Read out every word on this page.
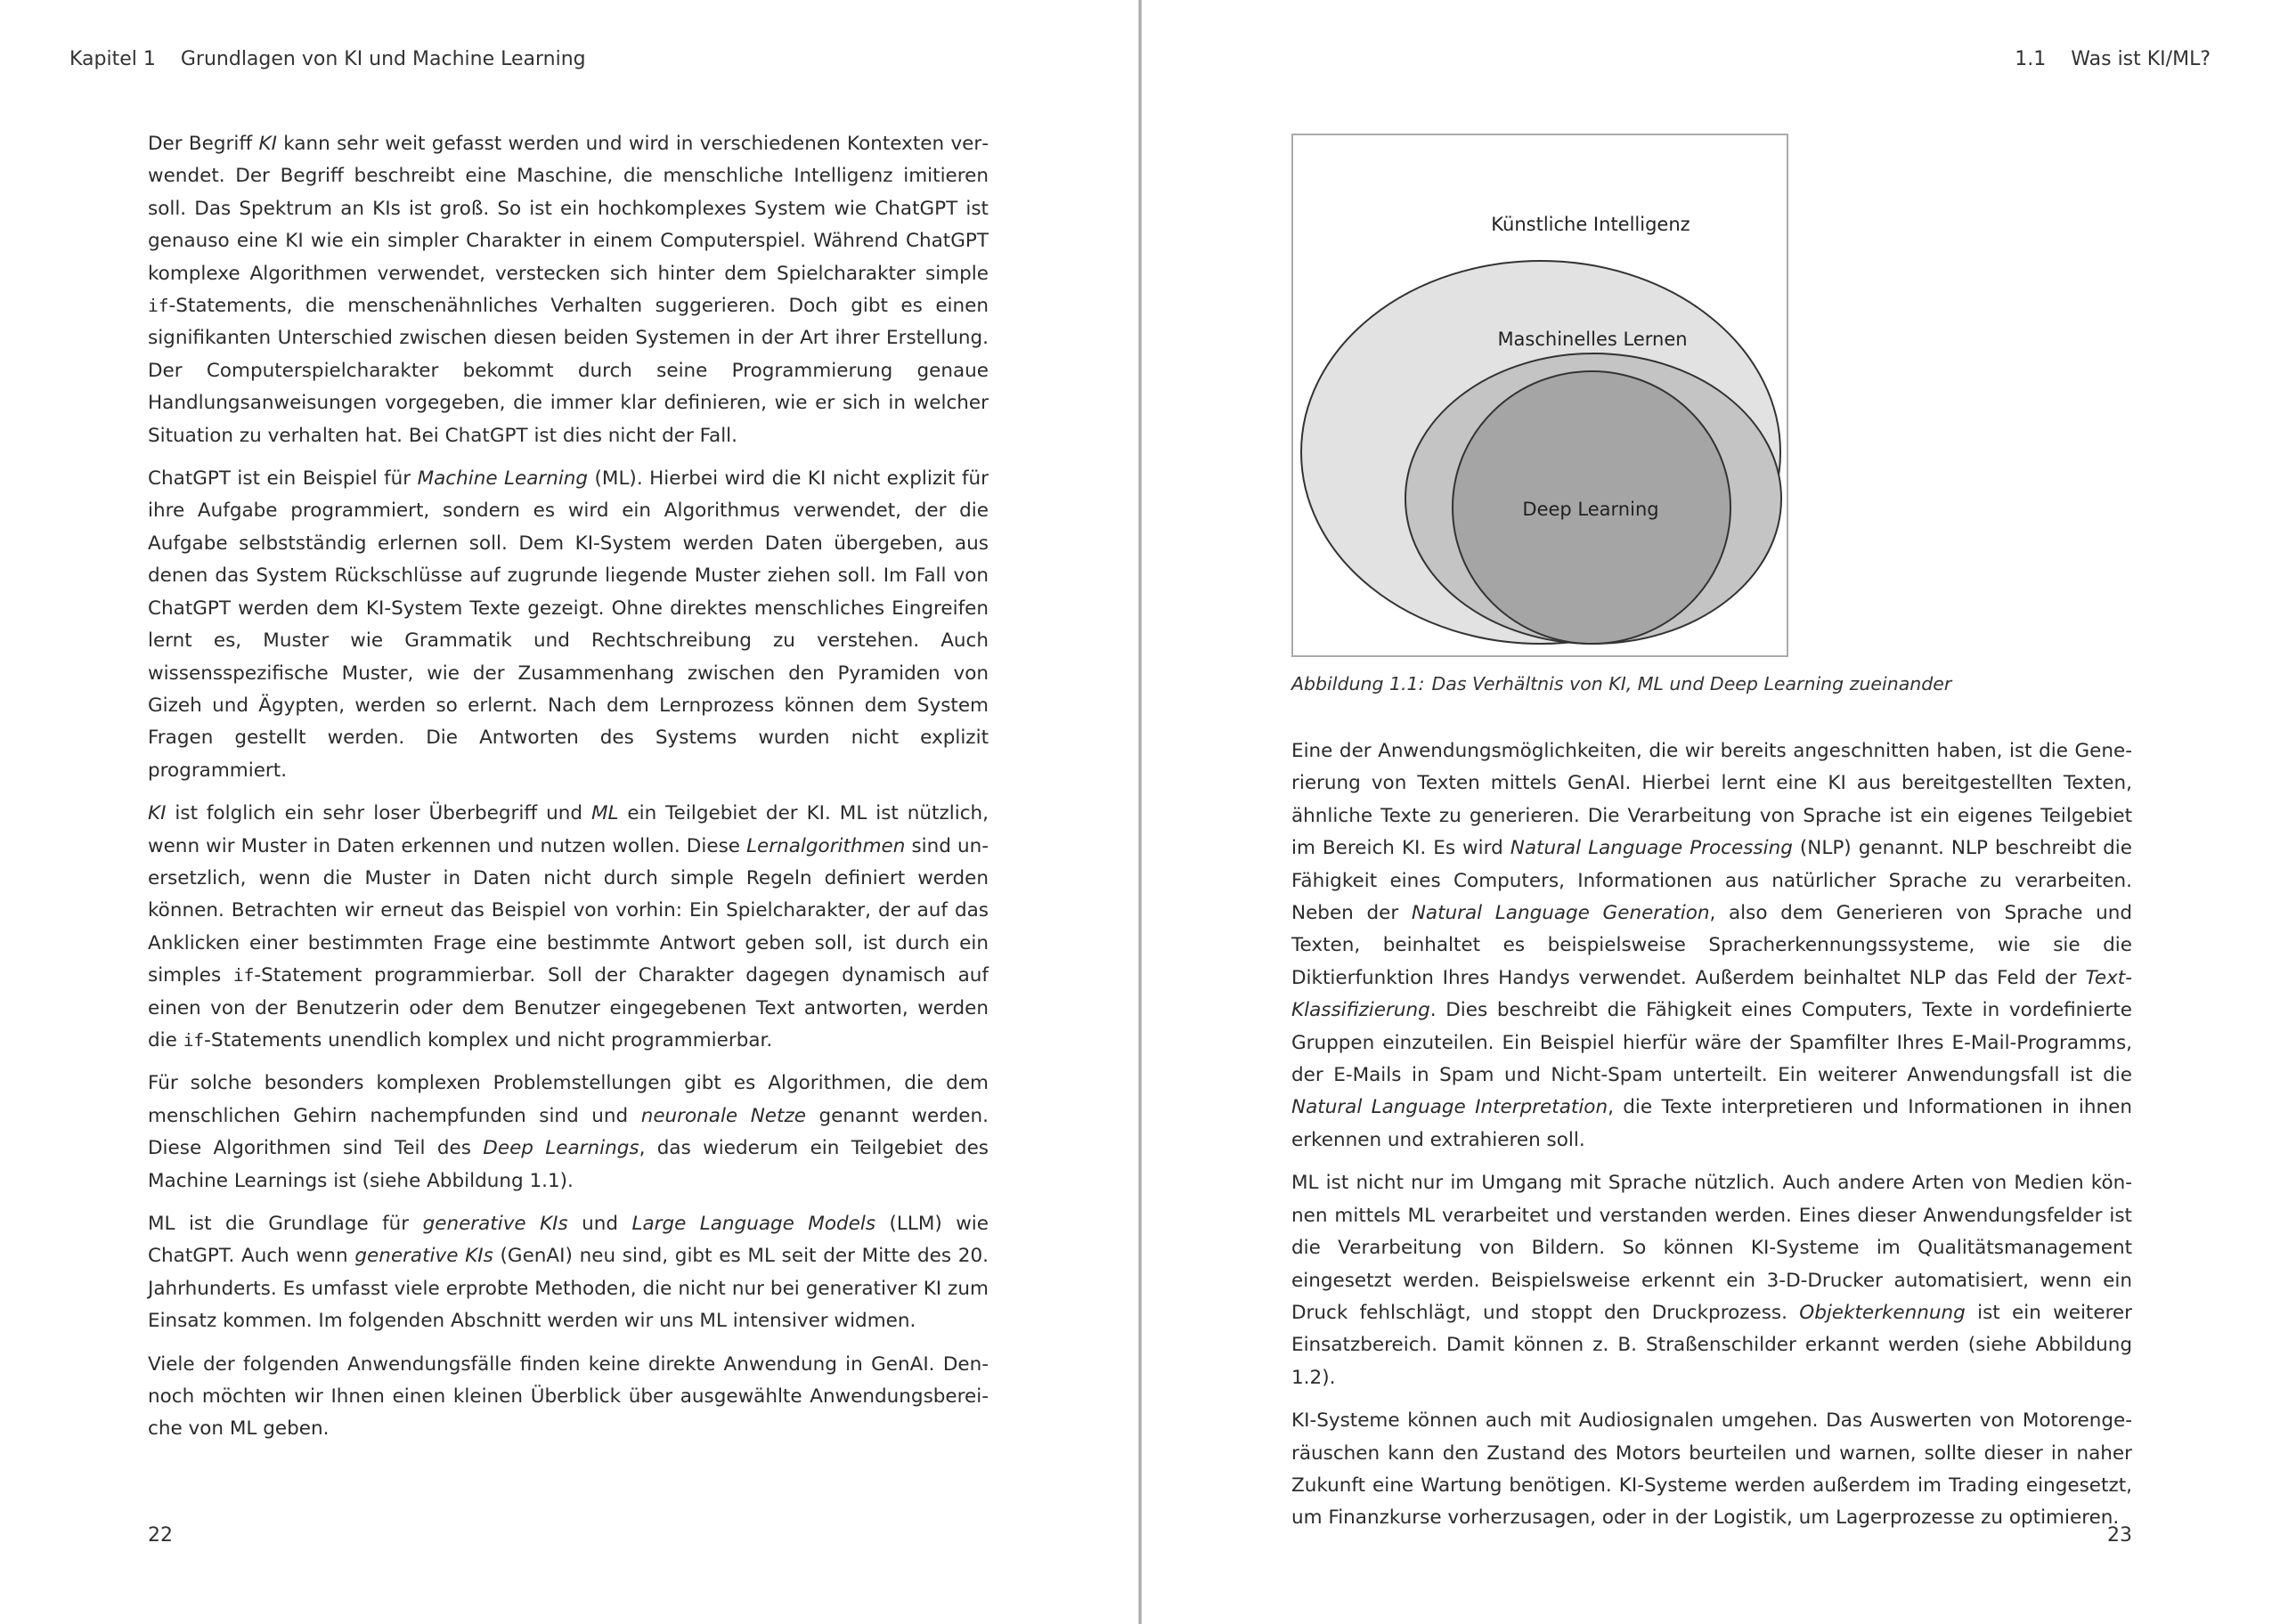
Kapitel 1 Grundlagen von KI und Machine Learning

Der Begriff KI kann sehr weit gefasst werden und wird in verschiedenen Kontexten verwendet. Der Begriff beschreibt eine Maschine, die menschliche Intelligenz imitieren soll. Das Spektrum an KIs ist groß. So ist ein hochkomplexes System wie ChatGPT ist genauso eine KI wie ein simpler Charakter in einem Computerspiel. Während ChatGPT komplexe Algorithmen verwendet, verstecken sich hinter dem Spielcharakter simple if-Statements, die menschenähnliches Verhalten suggerieren. Doch gibt es einen signifikanten Unterschied zwischen diesen beiden Systemen in der Art ihrer Erstellung. Der Computerspielcharakter bekommt durch seine Programmierung genaue Handlungsanweisungen vorgegeben, die immer klar definieren, wie er sich in welcher Situation zu verhalten hat. Bei ChatGPT ist dies nicht der Fall.

ChatGPT ist ein Beispiel für Machine Learning (ML). Hierbei wird die KI nicht explizit für ihre Aufgabe programmiert, sondern es wird ein Algorithmus verwendet, der die Aufgabe selbstständig erlernen soll. Dem KI-System werden Daten übergeben, aus denen das System Rückschlüsse auf zugrunde liegende Muster ziehen soll. Im Fall von ChatGPT werden dem KI-System Texte gezeigt. Ohne direktes menschliches Eingreifen lernt es, Muster wie Grammatik und Rechtschreibung zu verstehen. Auch wissensspezifische Muster, wie der Zusammenhang zwischen den Pyramiden von Gizeh und Ägypten, werden so erlernt. Nach dem Lernprozess können dem System Fragen gestellt werden. Die Antworten des Systems wurden nicht explizit programmiert.

KI ist folglich ein sehr loser Überbegriff und ML ein Teilgebiet der KI. ML ist nützlich, wenn wir Muster in Daten erkennen und nutzen wollen. Diese Lernalgorithmen sind unersetzlich, wenn die Muster in Daten nicht durch simple Regeln definiert werden können. Betrachten wir erneut das Beispiel von vorhin: Ein Spielcharakter, der auf das Anklicken einer bestimmten Frage eine bestimmte Antwort geben soll, ist durch ein simples if-Statement programmierbar. Soll der Charakter dagegen dynamisch auf einen von der Benutzerin oder dem Benutzer eingegebenen Text antworten, werden die if-Statements unendlich komplex und nicht programmierbar.

Für solche besonders komplexen Problemstellungen gibt es Algorithmen, die dem menschlichen Gehirn nachempfunden sind und neuronale Netze genannt werden. Diese Algorithmen sind Teil des Deep Learnings, das wiederum ein Teilgebiet des Machine Learnings ist (siehe Abbildung 1.1).

ML ist die Grundlage für generative KIs und Large Language Models (LLM) wie ChatGPT. Auch wenn generative KIs (GenAI) neu sind, gibt es ML seit der Mitte des 20. Jahrhunderts. Es umfasst viele erprobte Methoden, die nicht nur bei generativer KI zum Einsatz kommen. Im folgenden Abschnitt werden wir uns ML intensiver widmen.

Viele der folgenden Anwendungsfälle finden keine direkte Anwendung in GenAI. Dennoch möchten wir Ihnen einen kleinen Überblick über ausgewählte Anwendungsbereiche von ML geben.

22
1.1 Was ist KI/ML?
Künstliche Intelligenz
Maschinelles Lernen
Deep Learning
Abbildung 1.1: Das Verhältnis von KI, ML und Deep Learning zueinander

Eine der Anwendungsmöglichkeiten, die wir bereits angeschnitten haben, ist die Generierung von Texten mittels GenAI. Hierbei lernt eine KI aus bereitgestellten Texten, ähnliche Texte zu generieren. Die Verarbeitung von Sprache ist ein eigenes Teilgebiet im Bereich KI. Es wird Natural Language Processing (NLP) genannt. NLP beschreibt die Fähigkeit eines Computers, Informationen aus natürlicher Sprache zu verarbeiten. Neben der Natural Language Generation, also dem Generieren von Sprache und Texten, beinhaltet es beispielsweise Spracherkennungssysteme, wie sie die Diktierfunktion Ihres Handys verwendet. Außerdem beinhaltet NLP das Feld der Text-Klassifizierung. Dies beschreibt die Fähigkeit eines Computers, Texte in vordefinierte Gruppen einzuteilen. Ein Beispiel hierfür wäre der Spamfilter Ihres E-Mail-Programms, der E-Mails in Spam und Nicht-Spam unterteilt. Ein weiterer Anwendungsfall ist die Natural Language Interpretation, die Texte interpretieren und Informationen in ihnen erkennen und extrahieren soll.

ML ist nicht nur im Umgang mit Sprache nützlich. Auch andere Arten von Medien können mittels ML verarbeitet und verstanden werden. Eines dieser Anwendungsfelder ist die Verarbeitung von Bildern. So können KI-Systeme im Qualitätsmanagement eingesetzt werden. Beispielsweise erkennt ein 3-D-Drucker automatisiert, wenn ein Druck fehlschlägt, und stoppt den Druckprozess. Objekterkennung ist ein weiterer Einsatzbereich. Damit können z. B. Straßenschilder erkannt werden (siehe Abbildung 1.2).

KI-Systeme können auch mit Audiosignalen umgehen. Das Auswerten von Motorengeräuschen kann den Zustand des Motors beurteilen und warnen, sollte dieser in naher Zukunft eine Wartung benötigen. KI-Systeme werden außerdem im Trading eingesetzt, um Finanzkurse vorherzusagen, oder in der Logistik, um Lagerprozesse zu optimieren.

23
